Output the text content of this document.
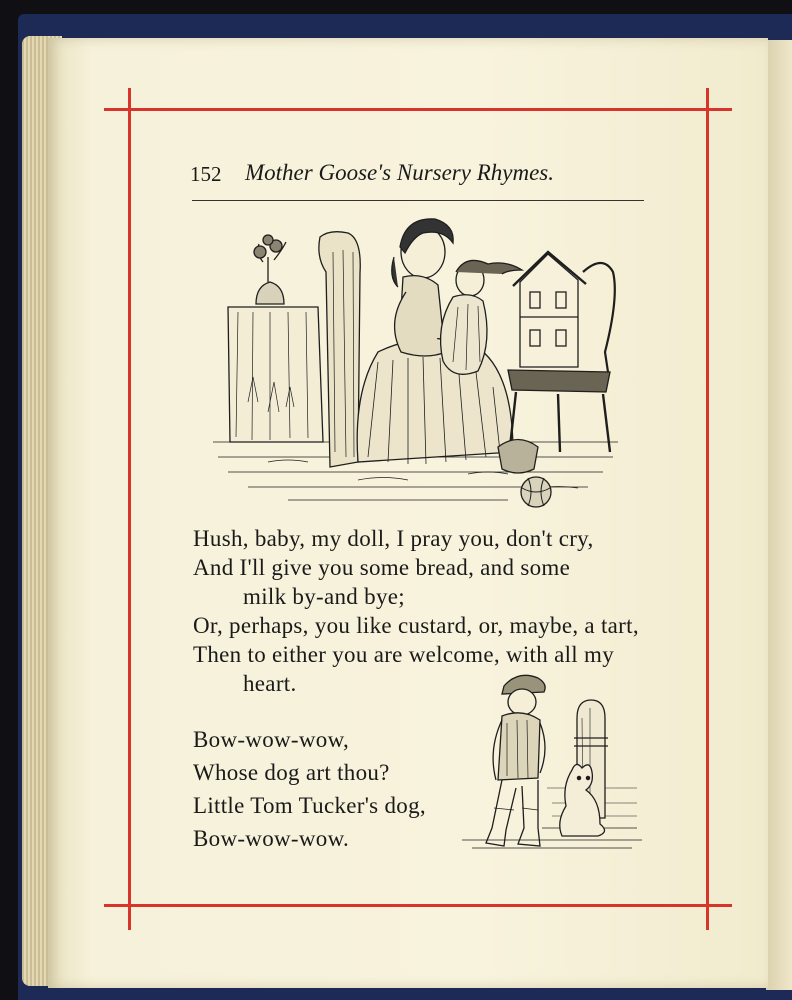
152 Mother Goose's Nursery Rhymes.
Hush, baby, my doll, I pray you, don't cry,
And I'll give you some bread, and some
milk by-and bye;
Or, perhaps, you like custard, or, maybe, a tart,
Then to either you are welcome, with all my
heart.
Bow-wow-wow,
Whose dog art thou?
Little Tom Tucker's dog,
Bow-wow-wow.
